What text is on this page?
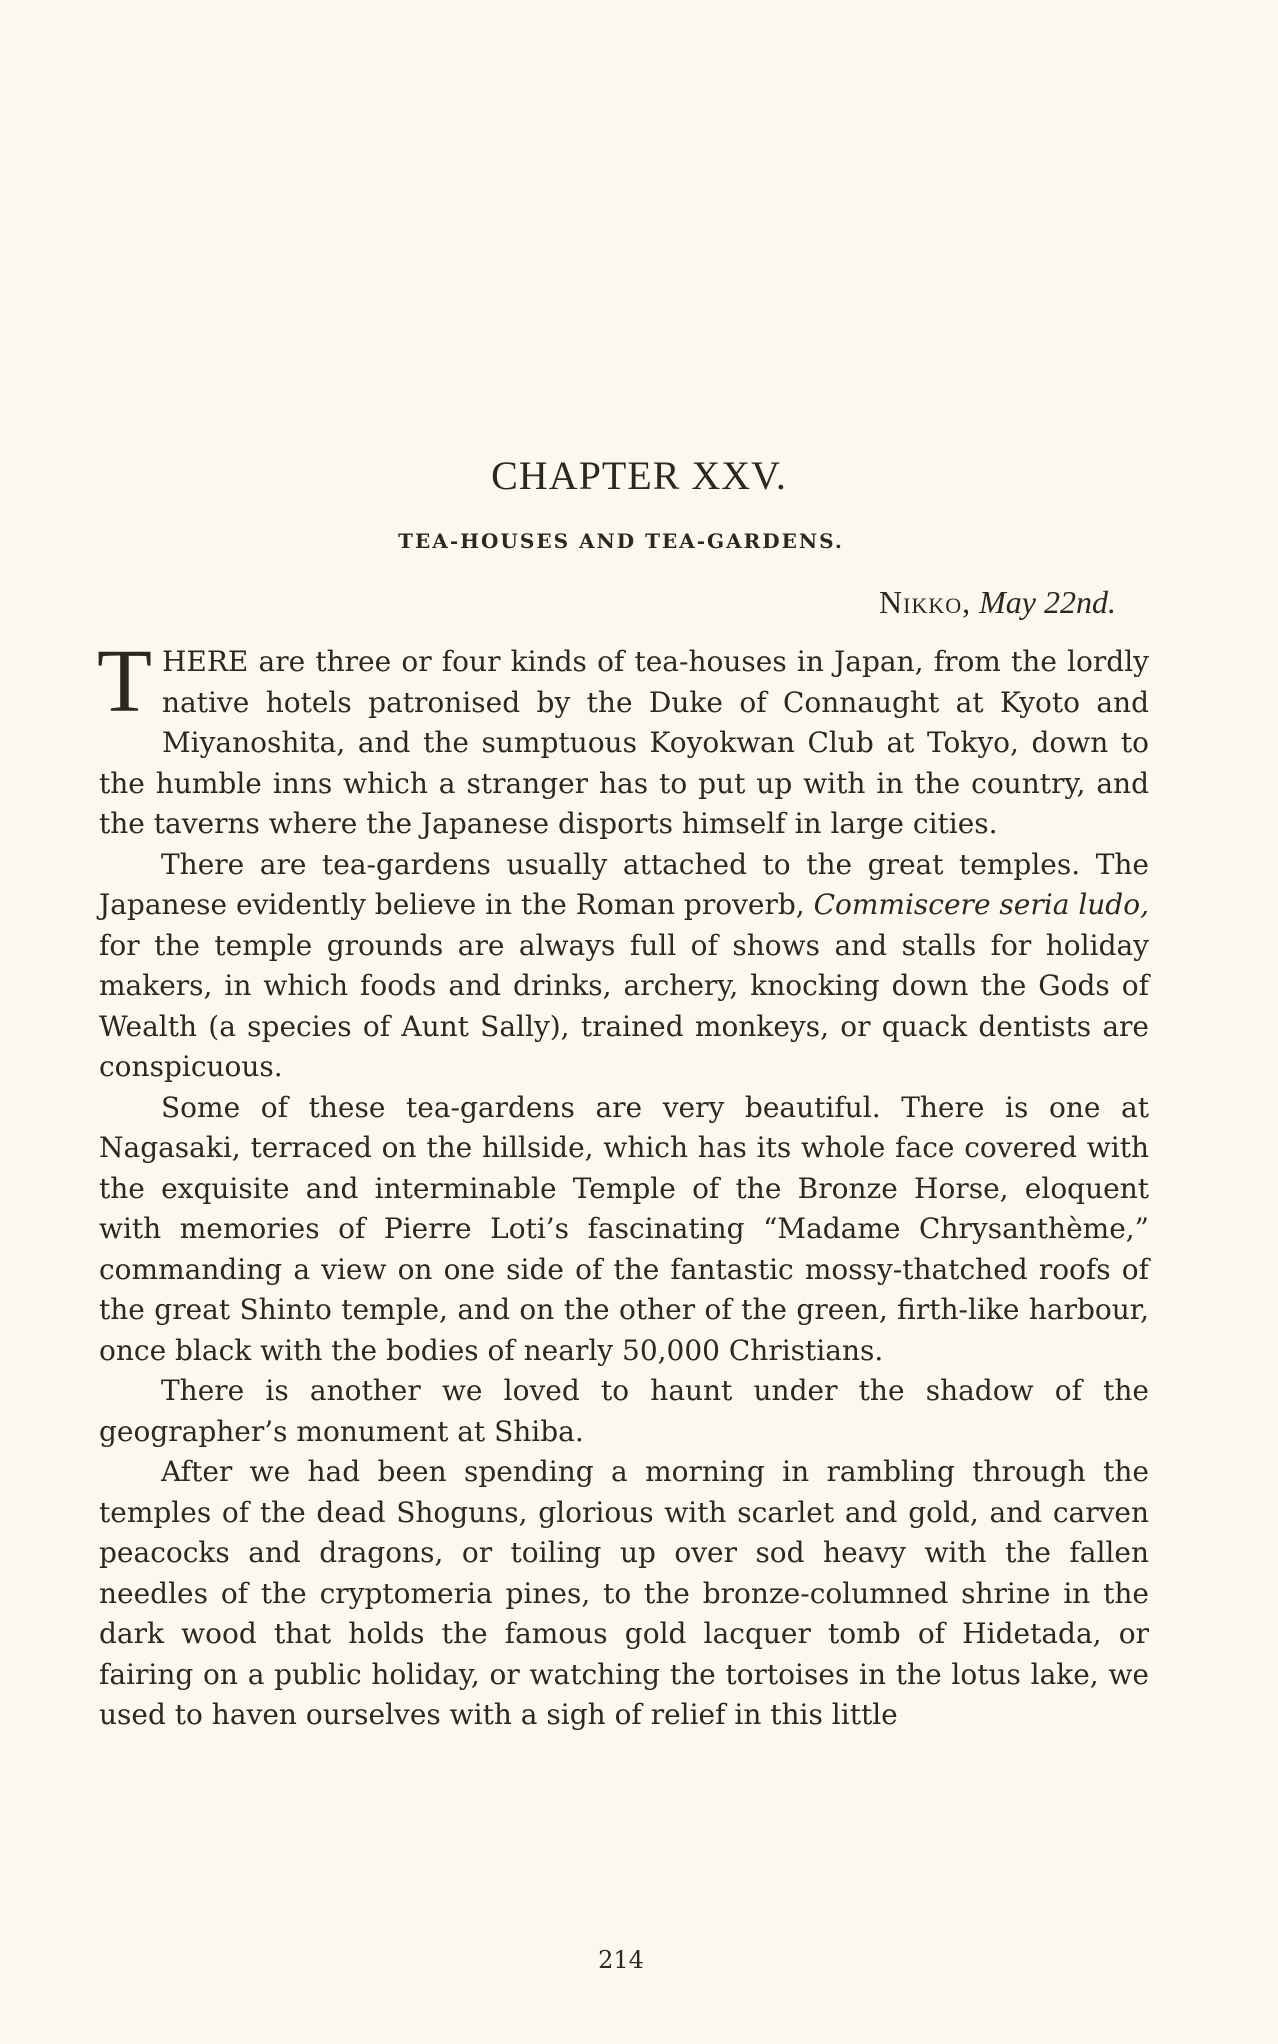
CHAPTER XXV.
TEA-HOUSES AND TEA-GARDENS.
Nikko, May 22nd.

THERE are three or four kinds of tea-houses in Japan, from the lordly native hotels patronised by the Duke of Connaught at Kyoto and Miyanoshita, and the sumptuous Koyokwan Club at Tokyo, down to the humble inns which a stranger has to put up with in the country, and the taverns where the Japanese disports himself in large cities.

There are tea-gardens usually attached to the great temples. The Japanese evidently believe in the Roman proverb, Commiscere seria ludo, for the temple grounds are always full of shows and stalls for holiday makers, in which foods and drinks, archery, knocking down the Gods of Wealth (a species of Aunt Sally), trained monkeys, or quack dentists are conspicuous.

Some of these tea-gardens are very beautiful. There is one at Nagasaki, terraced on the hillside, which has its whole face covered with the exquisite and interminable Temple of the Bronze Horse, eloquent with memories of Pierre Loti’s fascinating “Madame Chrysanthème,” commanding a view on one side of the fantastic mossy-thatched roofs of the great Shinto temple, and on the other of the green, firth-like harbour, once black with the bodies of nearly 50,000 Christians.

There is another we loved to haunt under the shadow of the geographer’s monument at Shiba.

After we had been spending a morning in rambling through the temples of the dead Shoguns, glorious with scarlet and gold, and carven peacocks and dragons, or toiling up over sod heavy with the fallen needles of the cryptomeria pines, to the bronze-columned shrine in the dark wood that holds the famous gold lacquer tomb of Hidetada, or fairing on a public holiday, or watching the tortoises in the lotus lake, we used to haven ourselves with a sigh of relief in this little

214
